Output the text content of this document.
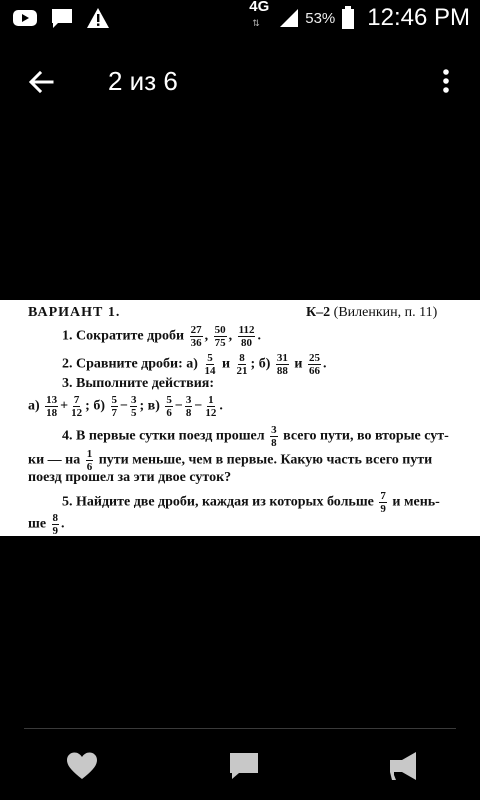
4G
⇅	53% 12:46 PM
2 из 6
ВАРИАНТ 1.	К–2 (Виленкин, п. 11)
1. Сократите дроби $\frac{27}{36}$ , $\frac{50}{75}$ , $\frac{112}{80}$ .
2. Сравните дроби: $а) \frac{5}{14}$ и $\frac{8}{21}$ ; $б) \frac{31}{88}$ и $\frac{25}{66}$ .
3. Выполните действия:
$а) \frac{13}{18} + \frac{7}{12}$ ; $б) \frac{5}{7} - \frac{3}{5}$ ; $в) \frac{5}{6} - \frac{3}{8} - \frac{1}{12}$ .
4. В первые сутки поезд прошел $\frac{3}{8}$ всего пути, во вторые сут-
ки — на $\frac{1}{6}$ пути меньше, чем в первые. Какую часть всего пути
поезд прошел за эти двое суток?
5. Найдите две дроби, каждая из которых больше $\frac{7}{9}$ и мень-
ше $\frac{8}{9}$ .
